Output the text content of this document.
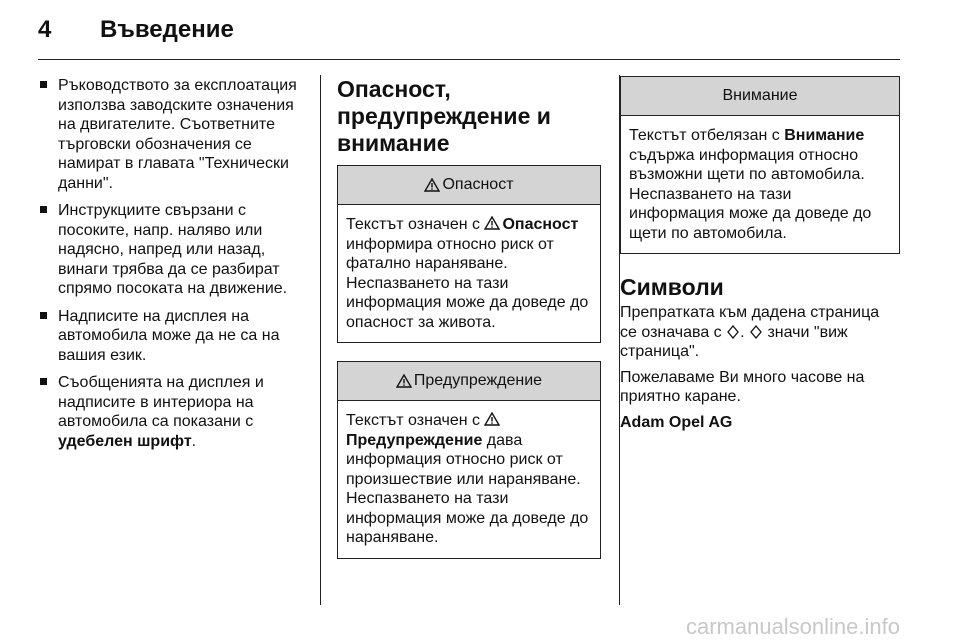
4	Въведение
Ръководството за експлоатация използва заводските означения на двигателите. Съответните търговски обозначения се намират в главата "Технически данни".
Инструкциите свързани с посоките, напр. наляво или надясно, напред или назад, винаги трябва да се разбират спрямо посоката на движение.
Надписите на дисплея на автомобила може да не са на вашия език.
Съобщенията на дисплея и надписите в интериора на автомобила са показани с удебелен шрифт.
Опасност, предупреждение и внимание
Опасност
Текстът означен с Опасност информира относно риск от фатално нараняване. Неспазването на тази информация може да доведе до опасност за живота.
Предупреждение
Текстът означен с Предупреждение дава информация относно риск от произшествие или нараняване. Неспазването на тази информация може да доведе до нараняване.
Внимание
Текстът отбелязан с Внимание съдържа информация относно възможни щети по автомобила. Неспазването на тази информация може да доведе до щети по автомобила.
Символи

Препратката към дадена страница се означава с .  значи "виж страница".

Пожелаваме Ви много часове на приятно каране.

Adam Opel AG

carmanualsonline.info
